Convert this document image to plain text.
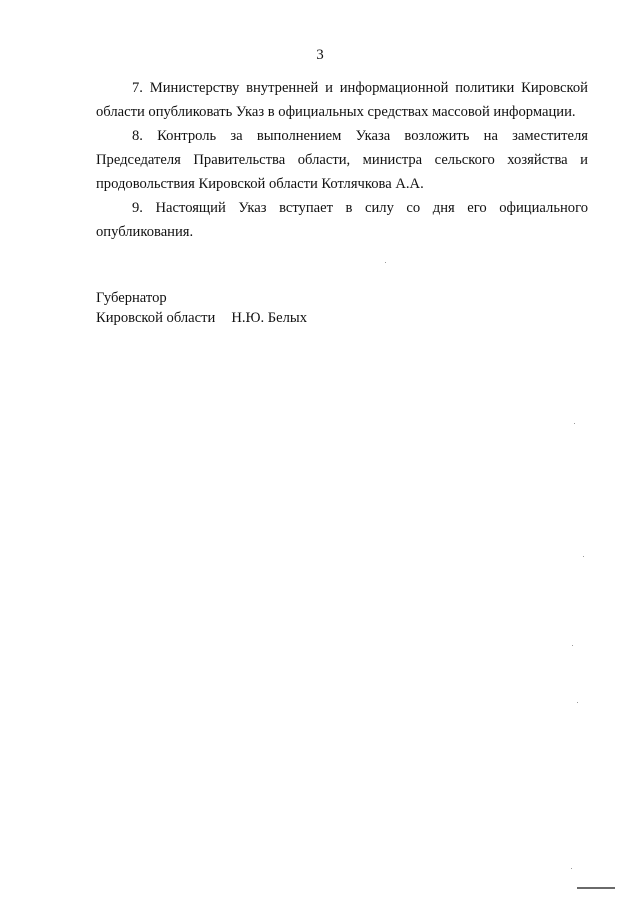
3

7. Министерству внутренней и информационной политики Кировской области опубликовать Указ в официальных средствах массовой информации.

8. Контроль за выполнением Указа возложить на заместителя Председателя Правительства области, министра сельского хозяйства и продовольствия Кировской области Котлячкова А.А.

9. Настоящий Указ вступает в силу со дня его официального опубликования.

Губернатор
Кировской области Н.Ю. Белых
